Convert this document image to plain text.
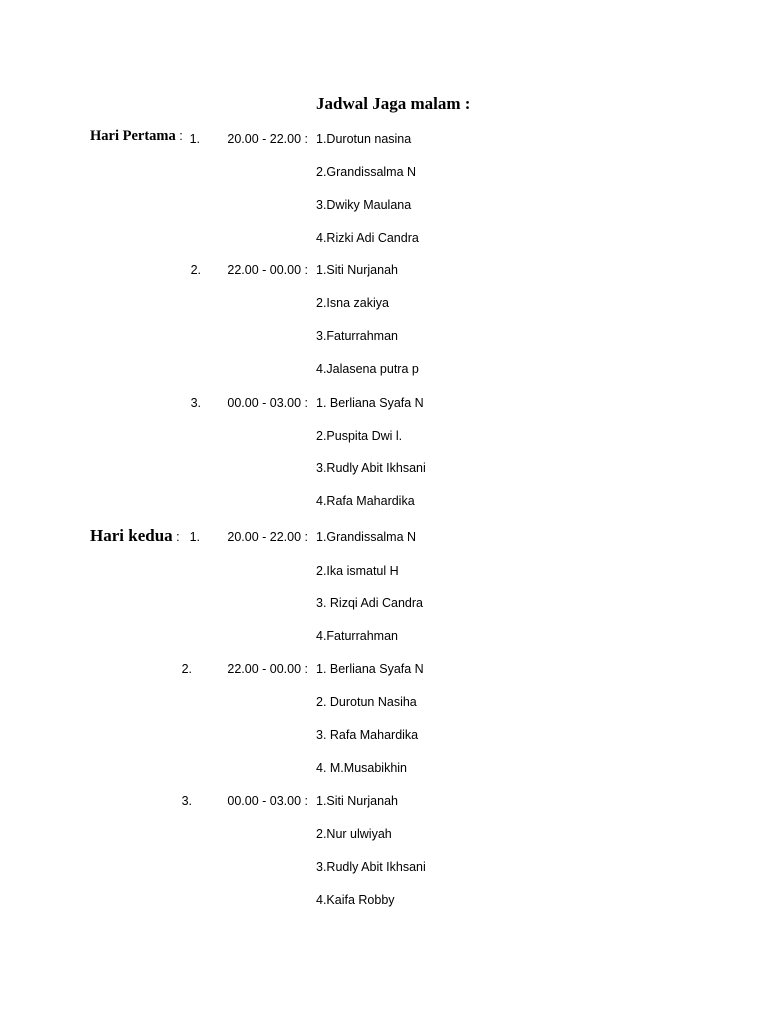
Jadwal Jaga malam :
Hari Pertama : 1.	20.00 - 22.00 : 1.Durotun nasina
2.Grandissalma N
3.Dwiky Maulana
4.Rizki Adi Candra
2.	22.00 - 00.00 : 1.Siti Nurjanah
2.Isna zakiya
3.Faturrahman
4.Jalasena putra p
3.	00.00 - 03.00 : 1. Berliana Syafa N
2.Puspita Dwi l.
3.Rudly Abit Ikhsani
4.Rafa Mahardika
Hari kedua : 1.	20.00 - 22.00 : 1.Grandissalma N
2.Ika ismatul H
3. Rizqi Adi Candra
4.Faturrahman
2.	22.00 - 00.00 : 1. Berliana Syafa N
2. Durotun Nasiha
3. Rafa Mahardika
4. M.Musabikhin
3.	00.00 - 03.00 : 1.Siti Nurjanah
2.Nur ulwiyah
3.Rudly Abit Ikhsani
4.Kaifa Robby
